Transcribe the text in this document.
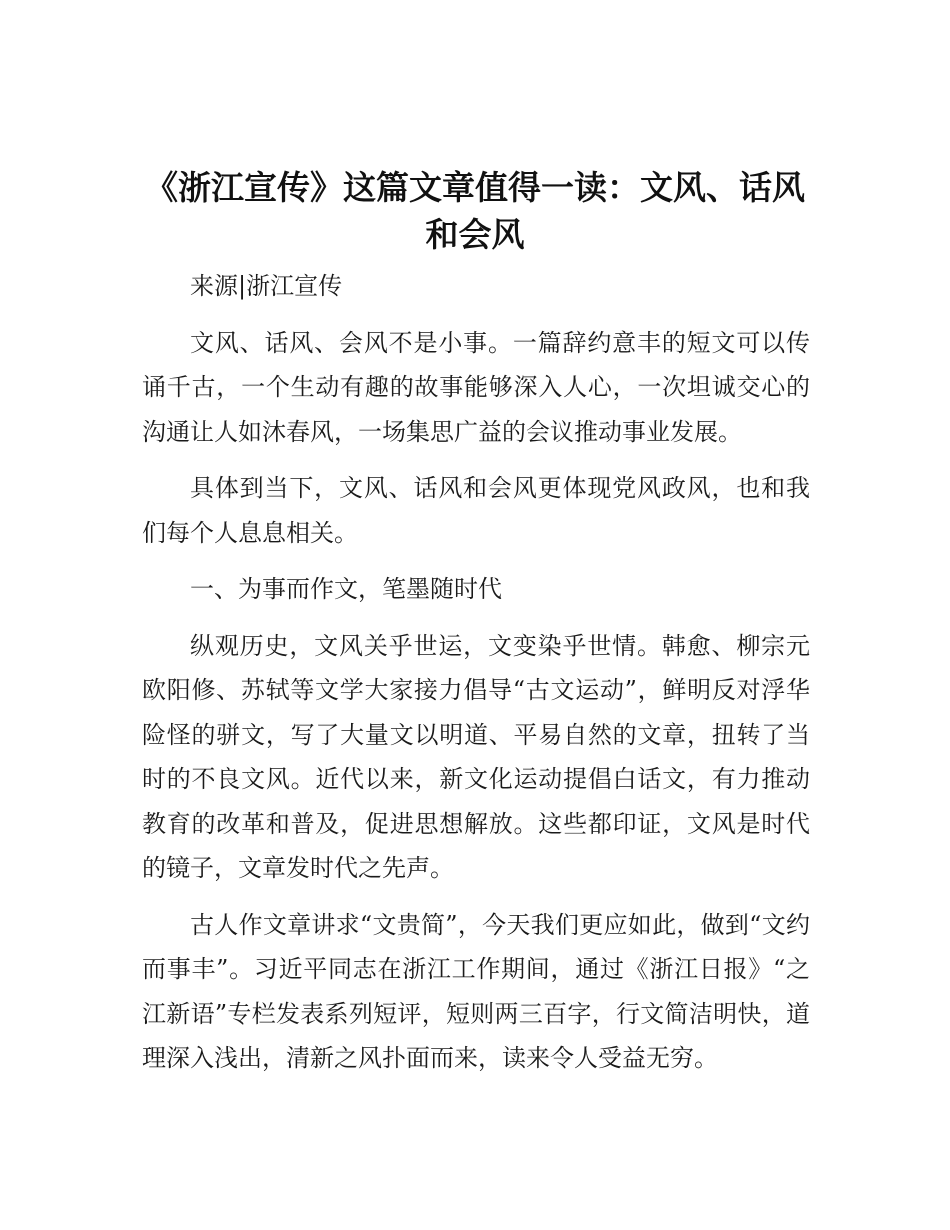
《浙江宣传》这篇文章值得一读：文风、话风
和会风

来源|浙江宣传

文风、话风、会风不是小事。一篇辞约意丰的短文可以传诵千古，一个生动有趣的故事能够深入人心，一次坦诚交心的沟通让人如沐春风，一场集思广益的会议推动事业发展。

具体到当下，文风、话风和会风更体现党风政风，也和我们每个人息息相关。

一、为事而作文，笔墨随时代

纵观历史，文风关乎世运，文变染乎世情。韩愈、柳宗元欧阳修、苏轼等文学大家接力倡导“古文运动”，鲜明反对浮华险怪的骈文，写了大量文以明道、平易自然的文章，扭转了当时的不良文风。近代以来，新文化运动提倡白话文，有力推动教育的改革和普及，促进思想解放。这些都印证，文风是时代的镜子，文章发时代之先声。

古人作文章讲求“文贵简”，今天我们更应如此，做到“文约而事丰”。习近平同志在浙江工作期间，通过《浙江日报》“之江新语”专栏发表系列短评，短则两三百字，行文简洁明快，道理深入浅出，清新之风扑面而来，读来令人受益无穷。
